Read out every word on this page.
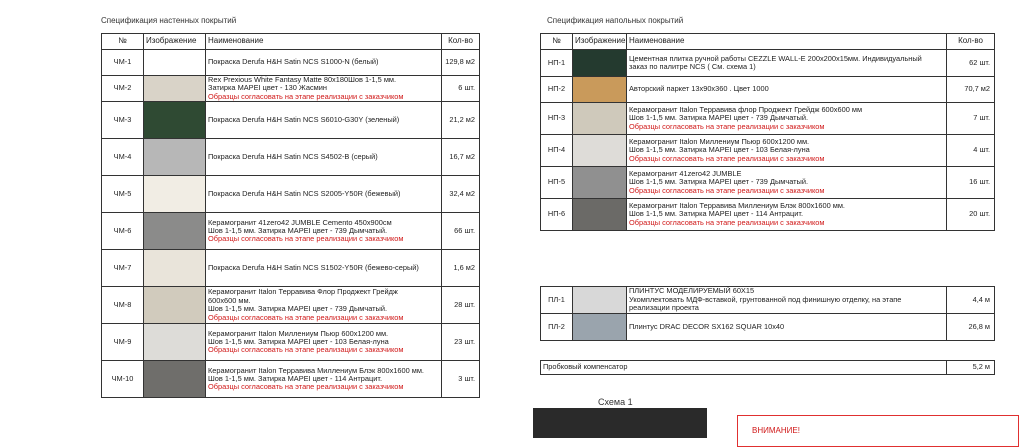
Спецификация настенных покрытий
№	Изображение	Наименование	Кол-во
ЧМ-1		Покраска Derufa H&H Satin NCS S1000-N (белый)	129,8 м2
ЧМ-2		Rex Prexious White Fantasy Matte 80х180Шов 1-1,5 мм.
Затирка MAPEI цвет - 130 Жасмин
Образцы согласовать на этапе реализации с заказчиком	6 шт.
ЧМ-3		Покраска Derufa H&H Satin NCS S6010-G30Y (зеленый)	21,2 м2
ЧМ-4		Покраска Derufa H&H Satin NCS S4502-B (серый)	16,7 м2
ЧМ-5		Покраска Derufa H&H Satin NCS S2005-Y50R (бежевый)	32,4 м2
ЧМ-6		Керамогранит 41zero42 JUMBLE Cemento 450х900см
Шов 1-1,5 мм. Затирка MAPEI цвет - 739 Дымчатый.
Образцы согласовать на этапе реализации с заказчиком	66 шт.
ЧМ-7		Покраска Derufa H&H Satin NCS S1502-Y50R (бежево-серый)	1,6 м2
ЧМ-8		Керамогранит Italon Терравива Флор Проджект Грейдж
600х600 мм.
Шов 1-1,5 мм. Затирка MAPEI цвет - 739 Дымчатый.
Образцы согласовать на этапе реализации с заказчиком	28 шт.
ЧМ-9		Керамогранит Italon Миллениум Пьюр 600х1200 мм.
Шов 1-1,5 мм. Затирка MAPEI цвет - 103 Белая-луна
Образцы согласовать на этапе реализации с заказчиком	23 шт.
ЧМ-10		Керамогранит Italon Терравива Миллениум Блэк 800х1600 мм.
Шов 1-1,5 мм. Затирка MAPEI цвет - 114 Антрацит.
Образцы согласовать на этапе реализации с заказчиком	3 шт.
Спецификация напольных покрытий
№	Изображение	Наименование	Кол-во
НП-1		Цементная плитка ручной работы CEZZLE WALL-E 200х200х15мм. Индивидуальный
заказ по палитре NCS ( См. схема 1)	62 шт.
НП-2		Авторский паркет 13х90х360 . Цвет 1000	70,7 м2
НП-3		Керамогранит Italon Терравива флор Проджект Грейдж 600х600 мм
Шов 1-1,5 мм. Затирка MAPEI цвет - 739 Дымчатый.
Образцы согласовать на этапе реализации с заказчиком	7 шт.
НП-4		Керамогранит Italon Миллениум Пьюр 600х1200 мм.
Шов 1-1,5 мм. Затирка MAPEI цвет - 103 Белая-луна
Образцы согласовать на этапе реализации с заказчиком	4 шт.
НП-5		Керамогранит 41zero42 JUMBLE
Шов 1-1,5 мм. Затирка MAPEI цвет - 739 Дымчатый.
Образцы согласовать на этапе реализации с заказчиком	16 шт.
НП-6		Керамогранит Italon Терравива Миллениум Блэк 800х1600 мм.
Шов 1-1,5 мм. Затирка MAPEI цвет - 114 Антрацит.
Образцы согласовать на этапе реализации с заказчиком	20 шт.
ПЛ-1		ПЛИНТУС МОДЕЛИРУЕМЫЙ 60Х15
Укомплектовать МДФ-вставкой, грунтованной под финишную отделку, на этапе
реализации проекта	4,4 м
ПЛ-2		Плинтус DRAC DECOR SX162 SQUAR 10x40	26,8 м
Пробковый компенсатор	5,2 м
Схема 1
ВНИМАНИЕ!
